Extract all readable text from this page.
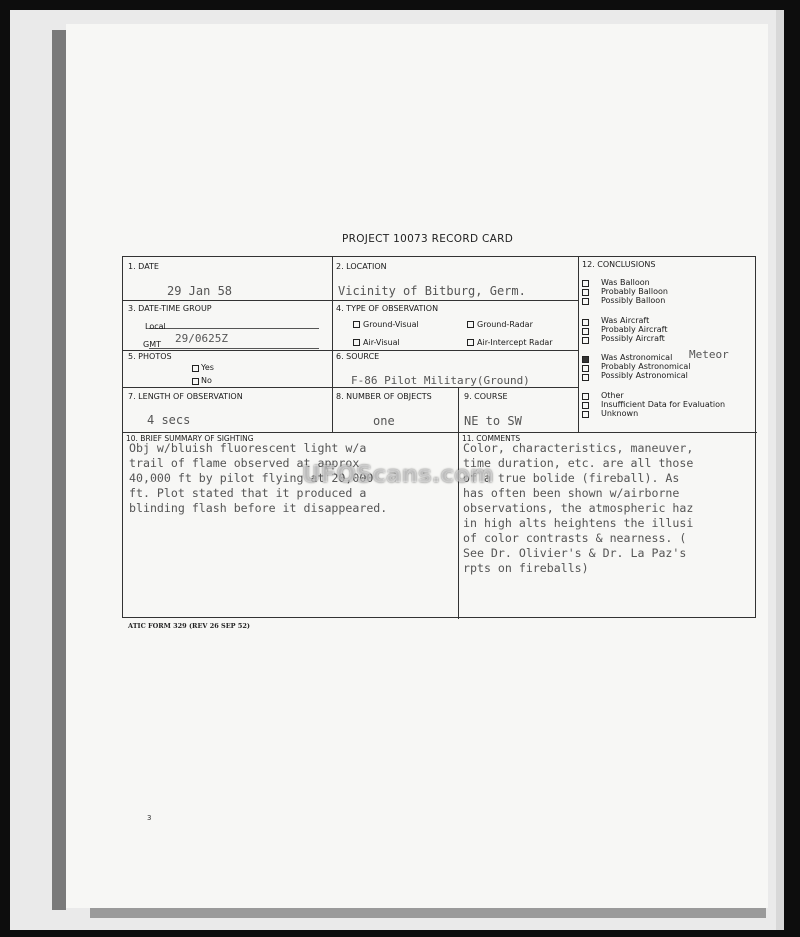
PROJECT 10073 RECORD CARD
1. DATE
29 Jan 58
2. LOCATION
Vicinity of Bitburg, Germ.
3. DATE-TIME GROUP
Local
GMT 29/0625Z
4. TYPE OF OBSERVATION
Ground-Visual	Ground-Radar
Air-Visual	Air-Intercept Radar
5. PHOTOS
Yes
No
6. SOURCE
F-86 Pilot Military(Ground)
7. LENGTH OF OBSERVATION
4 secs
8. NUMBER OF OBJECTS
one
9. COURSE
NE to SW
10. BRIEF SUMMARY OF SIGHTING
Obj w/bluish fluorescent light w/a
trail of flame observed at approx
40,000 ft by pilot flying at 20,000
ft. Plot stated that it produced a
blinding flash before it disappeared.
11. COMMENTS
Color, characteristics, maneuver,
time duration, etc. are all those
of a true bolide (fireball). As
has often been shown w/airborne
observations, the atmospheric haz
in high alts heightens the illusi
of color contrasts & nearness. (
See Dr. Olivier's & Dr. La Paz's
rpts on fireballs)
12. CONCLUSIONS
Was Balloon
Probably Balloon
Possibly Balloon
Was Aircraft
Probably Aircraft
Possibly Aircraft
Was Astronomical Meteor
Probably Astronomical
Possibly Astronomical
Other
Insufficient Data for Evaluation
Unknown
UFOScans.com
ATIC FORM 329 (REV 26 SEP 52)
3
